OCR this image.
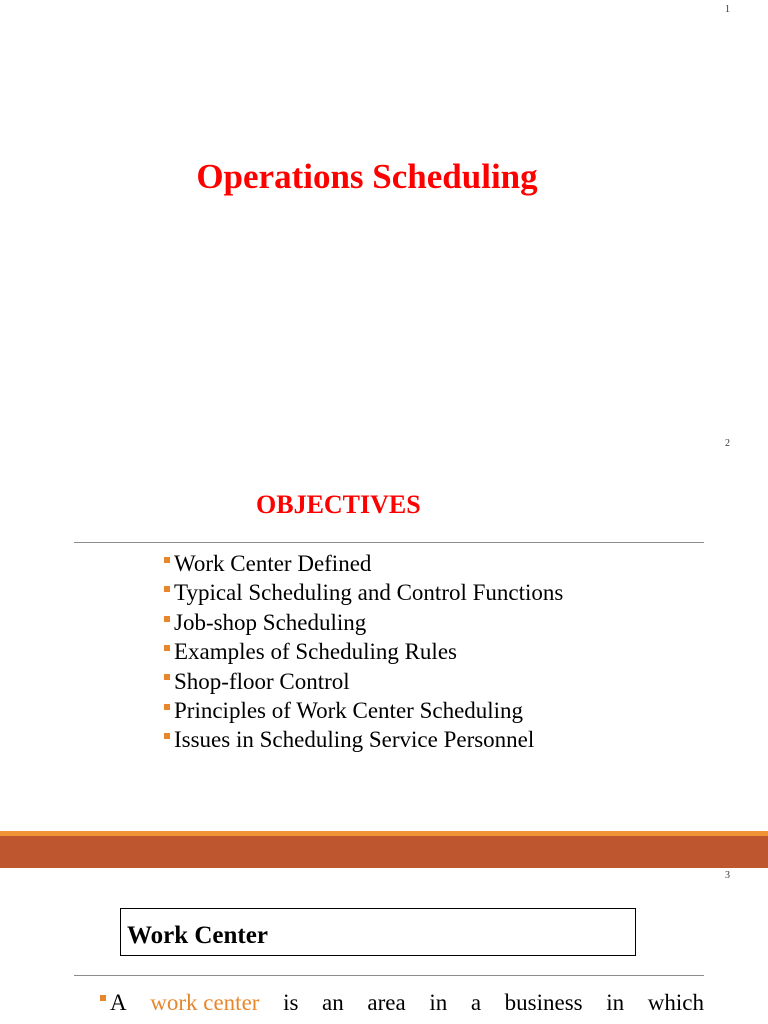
1
Operations Scheduling
2
OBJECTIVES
Work Center Defined
Typical Scheduling and Control Functions
Job-shop Scheduling
Examples of Scheduling Rules
Shop-floor Control
Principles of Work Center Scheduling
Issues in Scheduling Service Personnel
3
Work Center
A work center is an area in a business in which
